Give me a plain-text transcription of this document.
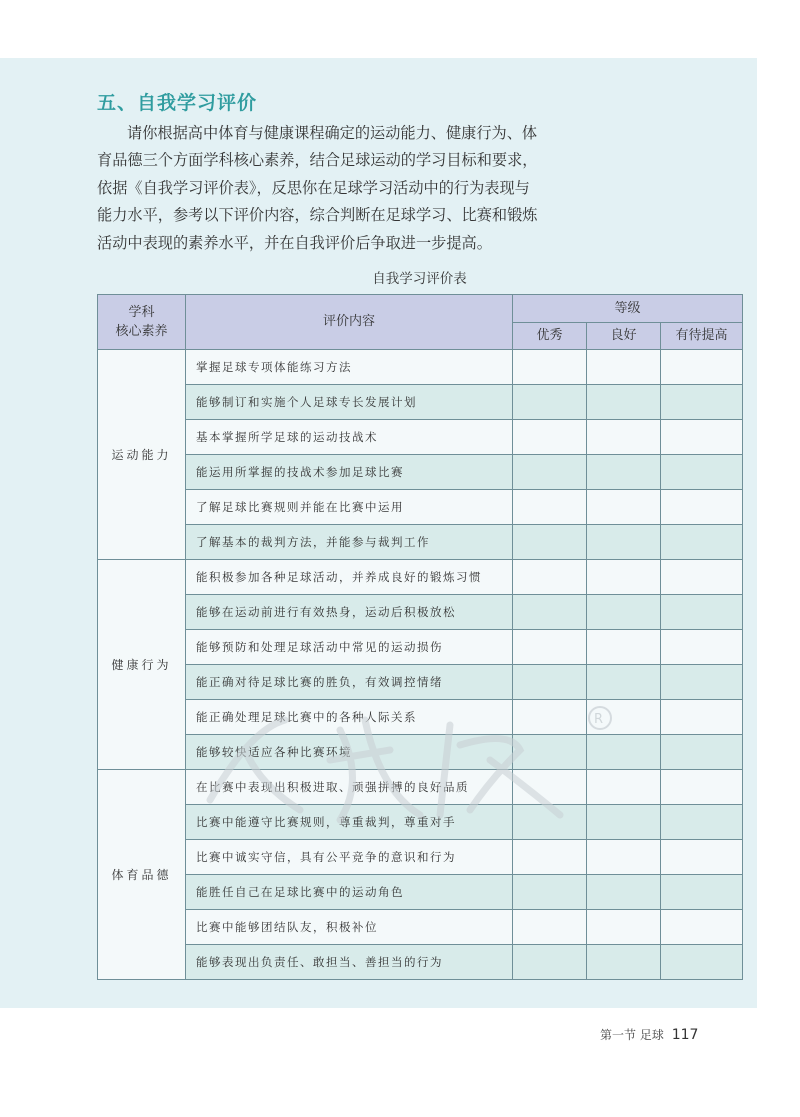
五、自我学习评价

请你根据高中体育与健康课程确定的运动能力、健康行为、体
育品德三个方面学科核心素养，结合足球运动的学习目标和要求，
依据《自我学习评价表》，反思你在足球学习活动中的行为表现与
能力水平，参考以下评价内容，综合判断在足球学习、比赛和锻炼
活动中表现的素养水平，并在自我评价后争取进一步提高。

自我学习评价表

学科
核心素养	评价内容	等级		
		优秀	良好	有待提高
运动能力	掌握足球专项体能练习方法			
	能够制订和实施个人足球专长发展计划			
	基本掌握所学足球的运动技战术			
	能运用所掌握的技战术参加足球比赛			
	了解足球比赛规则并能在比赛中运用			
	了解基本的裁判方法，并能参与裁判工作			
健康行为	能积极参加各种足球活动，并养成良好的锻炼习惯			
	能够在运动前进行有效热身，运动后积极放松			
	能够预防和处理足球活动中常见的运动损伤			
	能正确对待足球比赛的胜负，有效调控情绪			
	能正确处理足球比赛中的各种人际关系			
	能够较快适应各种比赛环境			
体育品德	在比赛中表现出积极进取、顽强拼搏的良好品质			
	比赛中能遵守比赛规则，尊重裁判，尊重对手			
	比赛中诚实守信，具有公平竞争的意识和行为			
	能胜任自己在足球比赛中的运动角色			
	比赛中能够团结队友，积极补位			
	能够表现出负责任、敢担当、善担当的行为			
R
第一节 足球 117
